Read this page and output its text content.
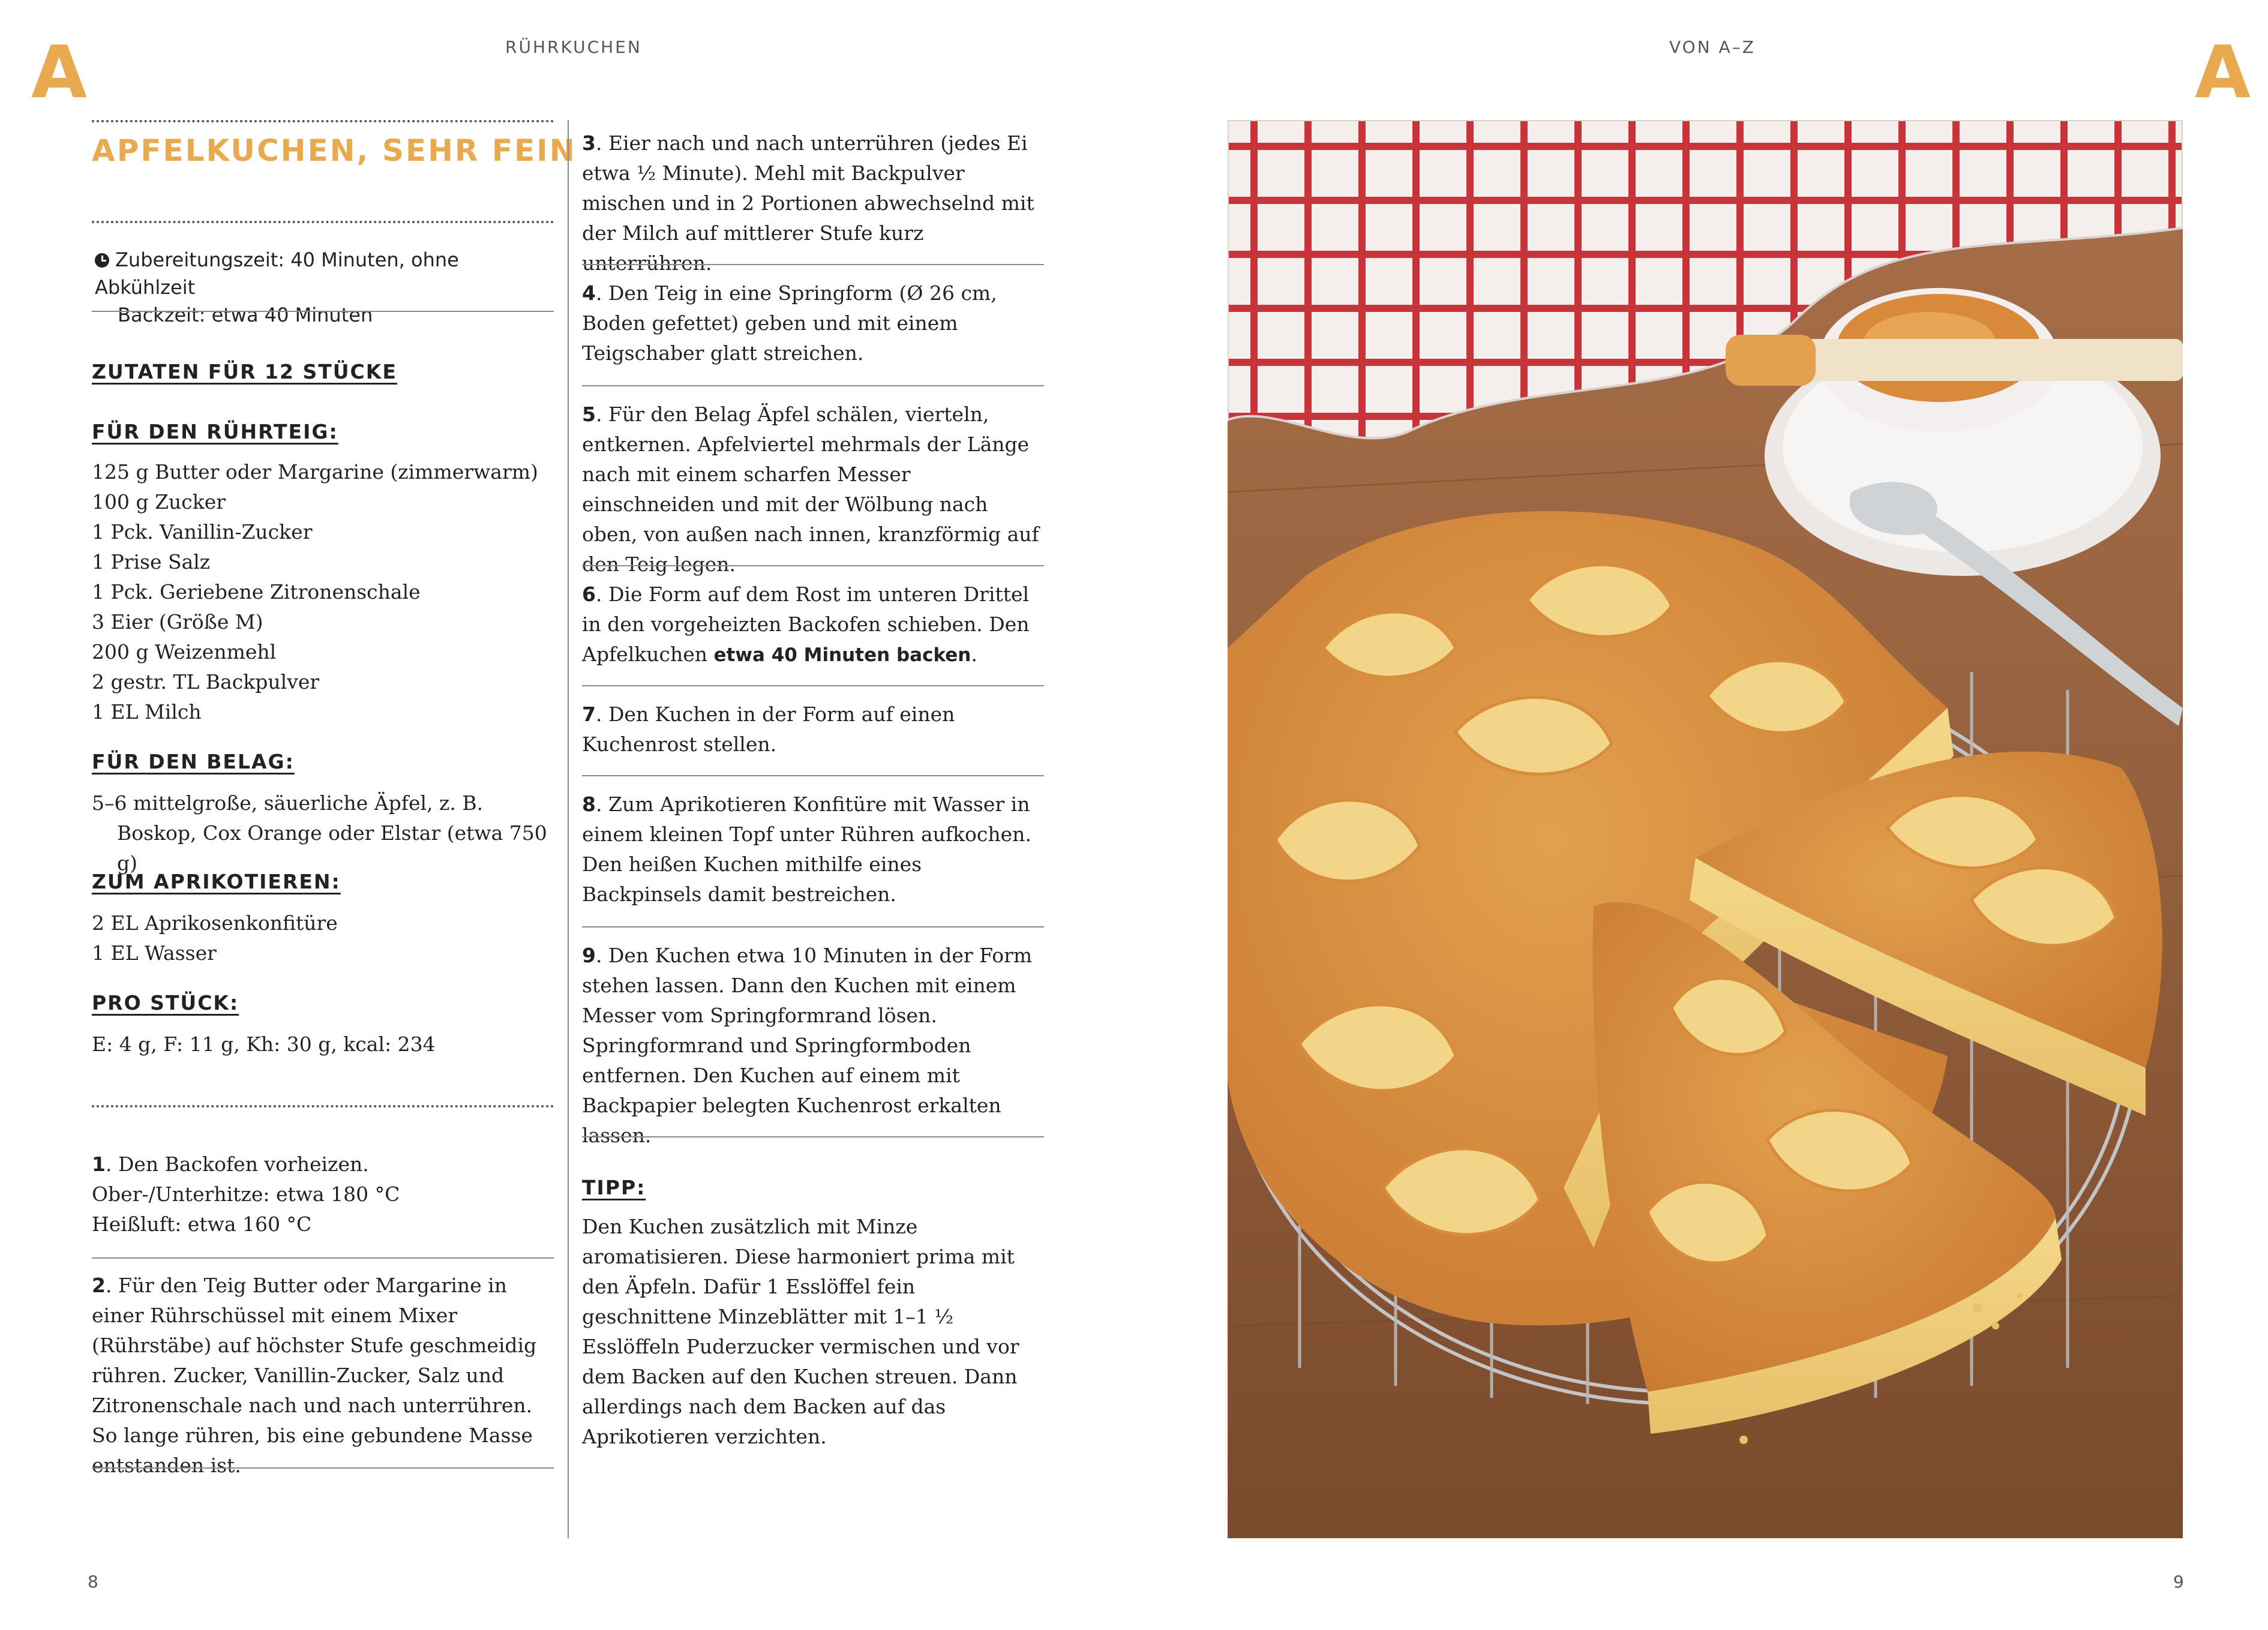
A	A
RÜHRKUCHEN	VON A–Z
APFELKUCHEN, SEHR FEIN
Zubereitungszeit: 40 Minuten, ohne Abkühlzeit
Backzeit: etwa 40 Minuten
ZUTATEN FÜR 12 STÜCKE
FÜR DEN RÜHRTEIG:
125 g Butter oder Margarine (zimmerwarm)
100 g Zucker
1 Pck. Vanillin-Zucker
1 Prise Salz
1 Pck. Geriebene Zitronenschale
3 Eier (Größe M)
200 g Weizenmehl
2 gestr. TL Backpulver
1 EL Milch
FÜR DEN BELAG:
5–6 mittelgroße, säuerliche Äpfel, z. B. Boskop, Cox Orange oder Elstar (etwa 750 g)
ZUM APRIKOTIEREN:
2 EL Aprikosenkonfitüre
1 EL Wasser
PRO STÜCK:
E: 4 g, F: 11 g, Kh: 30 g, kcal: 234
1. Den Backofen vorheizen.
Ober-/Unterhitze: etwa 180 °C
Heißluft: etwa 160 °C
2. Für den Teig Butter oder Margarine in einer Rührschüssel mit einem Mixer (Rührstäbe) auf höchster Stufe geschmeidig rühren. Zucker, Vanillin-Zucker, Salz und Zitronenschale nach und nach unterrühren. So lange rühren, bis eine gebundene Masse entstanden ist.
3. Eier nach und nach unterrühren (jedes Ei etwa ½ Minute). Mehl mit Backpulver mischen und in 2 Portionen abwechselnd mit der Milch auf mittlerer Stufe kurz unterrühren.
4. Den Teig in eine Springform (Ø 26 cm, Boden gefettet) geben und mit einem Teigschaber glatt streichen.
5. Für den Belag Äpfel schälen, vierteln, entkernen. Apfelviertel mehrmals der Länge nach mit einem scharfen Messer einschneiden und mit der Wölbung nach oben, von außen nach innen, kranzförmig auf den Teig legen.
6. Die Form auf dem Rost im unteren Drittel in den vorgeheizten Backofen schieben. Den Apfelkuchen etwa 40 Minuten backen.
7. Den Kuchen in der Form auf einen Kuchenrost stellen.
8. Zum Aprikotieren Konfitüre mit Wasser in einem kleinen Topf unter Rühren aufkochen. Den heißen Kuchen mithilfe eines Backpinsels damit bestreichen.
9. Den Kuchen etwa 10 Minuten in der Form stehen lassen. Dann den Kuchen mit einem Messer vom Springformrand lösen. Springformrand und Springformboden entfernen. Den Kuchen auf einem mit Backpapier belegten Kuchenrost erkalten lassen.
TIPP:
Den Kuchen zusätzlich mit Minze aromatisieren. Diese harmoniert prima mit den Äpfeln. Dafür 1 Esslöffel fein geschnittene Minzeblätter mit 1–1 ½ Esslöffeln Puderzucker vermischen und vor dem Backen auf den Kuchen streuen. Dann allerdings nach dem Backen auf das Aprikotieren verzichten.
8	9
